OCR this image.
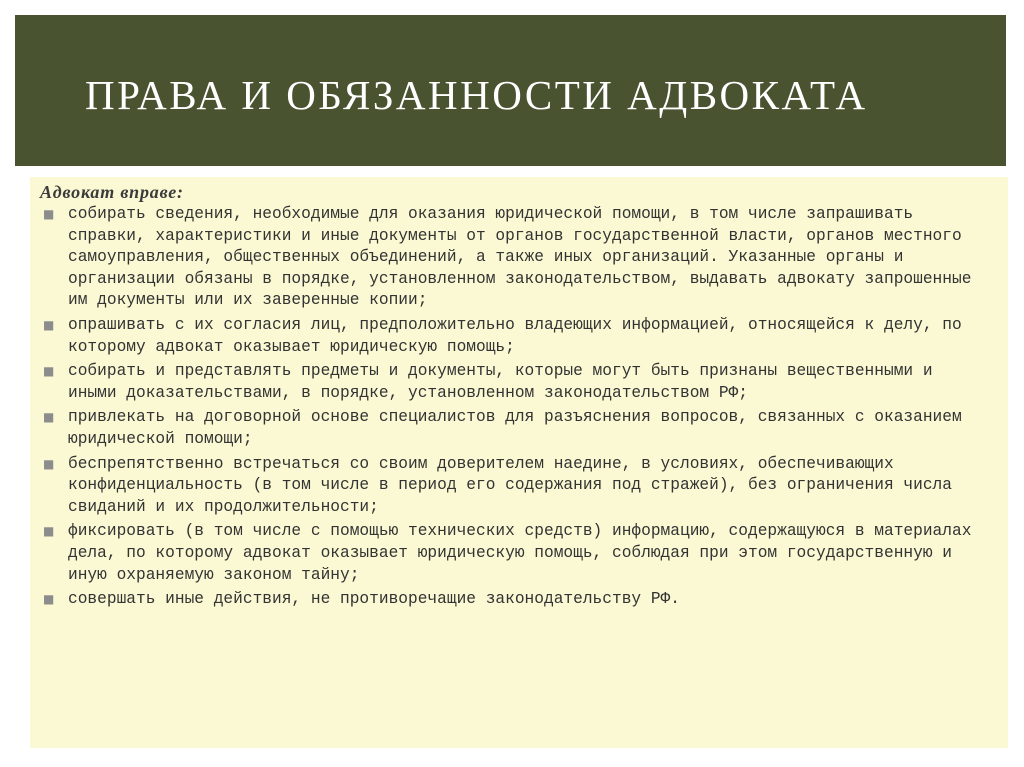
ПРАВА И ОБЯЗАННОСТИ АДВОКАТА
Адвокат вправе:
■ собирать сведения, необходимые для оказания юридической помощи, в том числе запрашивать справки, характеристики и иные документы от органов государственной власти, органов местного самоуправления, общественных объединений, а также иных организаций. Указанные органы и организации обязаны в порядке, установленном законодательством, выдавать адвокату запрошенные им документы или их заверенные копии;
■ опрашивать с их согласия лиц, предположительно владеющих информацией, относящейся к делу, по которому адвокат оказывает юридическую помощь;
■ собирать и представлять предметы и документы, которые могут быть признаны вещественными и иными доказательствами, в порядке, установленном законодательством РФ;
■ привлекать на договорной основе специалистов для разъяснения вопросов, связанных с оказанием юридической помощи;
■ беспрепятственно встречаться со своим доверителем наедине, в условиях, обеспечивающих конфиденциальность (в том числе в период его содержания под стражей), без ограничения числа свиданий и их продолжительности;
■ фиксировать (в том числе с помощью технических средств) информацию, содержащуюся в материалах дела, по которому адвокат оказывает юридическую помощь, соблюдая при этом государственную и иную охраняемую законом тайну;
■ совершать иные действия, не противоречащие законодательству РФ.
